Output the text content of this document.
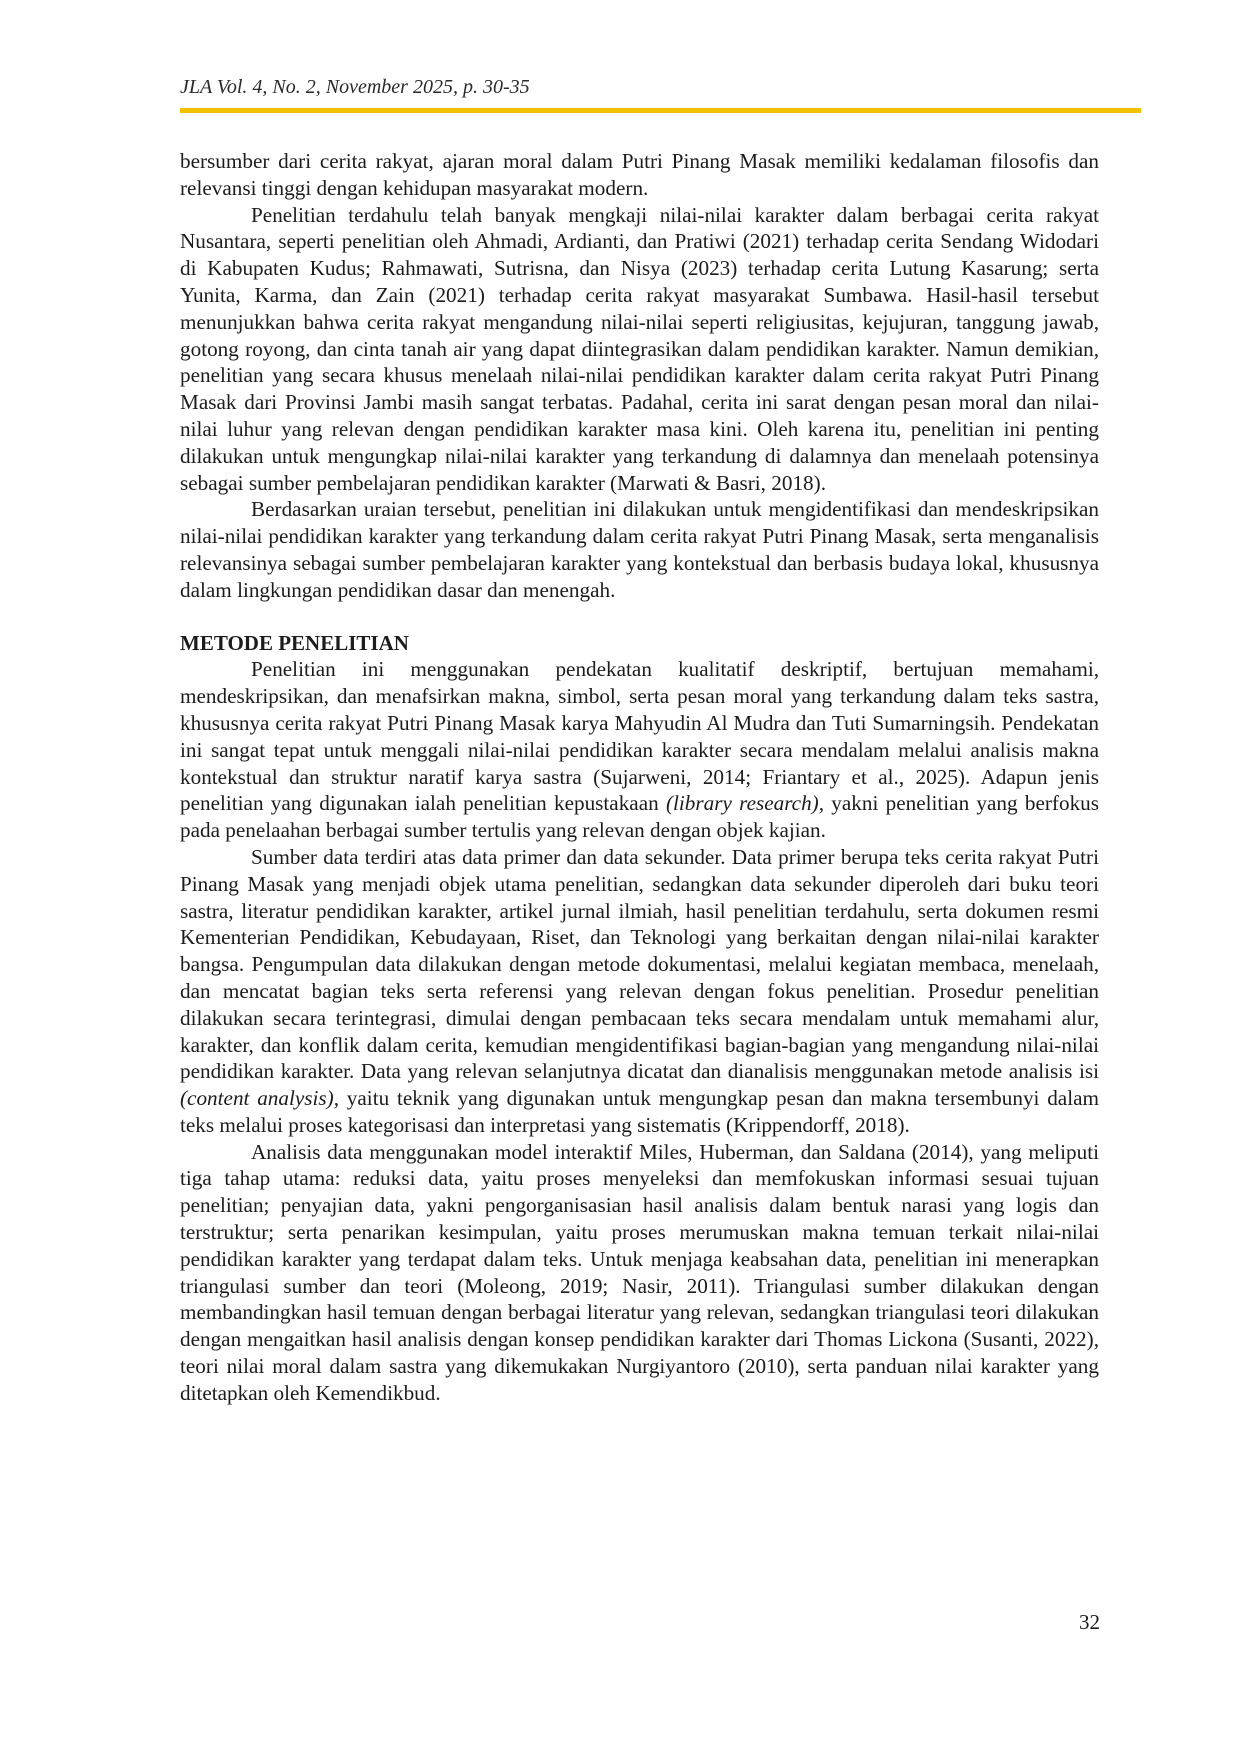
JLA Vol. 4, No. 2, November 2025, p. 30-35

bersumber dari cerita rakyat, ajaran moral dalam Putri Pinang Masak memiliki kedalaman filosofis dan relevansi tinggi dengan kehidupan masyarakat modern.

Penelitian terdahulu telah banyak mengkaji nilai-nilai karakter dalam berbagai cerita rakyat Nusantara, seperti penelitian oleh Ahmadi, Ardianti, dan Pratiwi (2021) terhadap cerita Sendang Widodari di Kabupaten Kudus; Rahmawati, Sutrisna, dan Nisya (2023) terhadap cerita Lutung Kasarung; serta Yunita, Karma, dan Zain (2021) terhadap cerita rakyat masyarakat Sumbawa. Hasil-hasil tersebut menunjukkan bahwa cerita rakyat mengandung nilai-nilai seperti religiusitas, kejujuran, tanggung jawab, gotong royong, dan cinta tanah air yang dapat diintegrasikan dalam pendidikan karakter. Namun demikian, penelitian yang secara khusus menelaah nilai-nilai pendidikan karakter dalam cerita rakyat Putri Pinang Masak dari Provinsi Jambi masih sangat terbatas. Padahal, cerita ini sarat dengan pesan moral dan nilai-nilai luhur yang relevan dengan pendidikan karakter masa kini. Oleh karena itu, penelitian ini penting dilakukan untuk mengungkap nilai-nilai karakter yang terkandung di dalamnya dan menelaah potensinya sebagai sumber pembelajaran pendidikan karakter (Marwati & Basri, 2018).

Berdasarkan uraian tersebut, penelitian ini dilakukan untuk mengidentifikasi dan mendeskripsikan nilai-nilai pendidikan karakter yang terkandung dalam cerita rakyat Putri Pinang Masak, serta menganalisis relevansinya sebagai sumber pembelajaran karakter yang kontekstual dan berbasis budaya lokal, khususnya dalam lingkungan pendidikan dasar dan menengah.

METODE PENELITIAN

Penelitian ini menggunakan pendekatan kualitatif deskriptif, bertujuan memahami, mendeskripsikan, dan menafsirkan makna, simbol, serta pesan moral yang terkandung dalam teks sastra, khususnya cerita rakyat Putri Pinang Masak karya Mahyudin Al Mudra dan Tuti Sumarningsih. Pendekatan ini sangat tepat untuk menggali nilai-nilai pendidikan karakter secara mendalam melalui analisis makna kontekstual dan struktur naratif karya sastra (Sujarweni, 2014; Friantary et al., 2025). Adapun jenis penelitian yang digunakan ialah penelitian kepustakaan (library research), yakni penelitian yang berfokus pada penelaahan berbagai sumber tertulis yang relevan dengan objek kajian.

Sumber data terdiri atas data primer dan data sekunder. Data primer berupa teks cerita rakyat Putri Pinang Masak yang menjadi objek utama penelitian, sedangkan data sekunder diperoleh dari buku teori sastra, literatur pendidikan karakter, artikel jurnal ilmiah, hasil penelitian terdahulu, serta dokumen resmi Kementerian Pendidikan, Kebudayaan, Riset, dan Teknologi yang berkaitan dengan nilai-nilai karakter bangsa. Pengumpulan data dilakukan dengan metode dokumentasi, melalui kegiatan membaca, menelaah, dan mencatat bagian teks serta referensi yang relevan dengan fokus penelitian. Prosedur penelitian dilakukan secara terintegrasi, dimulai dengan pembacaan teks secara mendalam untuk memahami alur, karakter, dan konflik dalam cerita, kemudian mengidentifikasi bagian-bagian yang mengandung nilai-nilai pendidikan karakter. Data yang relevan selanjutnya dicatat dan dianalisis menggunakan metode analisis isi (content analysis), yaitu teknik yang digunakan untuk mengungkap pesan dan makna tersembunyi dalam teks melalui proses kategorisasi dan interpretasi yang sistematis (Krippendorff, 2018).

Analisis data menggunakan model interaktif Miles, Huberman, dan Saldana (2014), yang meliputi tiga tahap utama: reduksi data, yaitu proses menyeleksi dan memfokuskan informasi sesuai tujuan penelitian; penyajian data, yakni pengorganisasian hasil analisis dalam bentuk narasi yang logis dan terstruktur; serta penarikan kesimpulan, yaitu proses merumuskan makna temuan terkait nilai-nilai pendidikan karakter yang terdapat dalam teks. Untuk menjaga keabsahan data, penelitian ini menerapkan triangulasi sumber dan teori (Moleong, 2019; Nasir, 2011). Triangulasi sumber dilakukan dengan membandingkan hasil temuan dengan berbagai literatur yang relevan, sedangkan triangulasi teori dilakukan dengan mengaitkan hasil analisis dengan konsep pendidikan karakter dari Thomas Lickona (Susanti, 2022), teori nilai moral dalam sastra yang dikemukakan Nurgiyantoro (2010), serta panduan nilai karakter yang ditetapkan oleh Kemendikbud.

32
